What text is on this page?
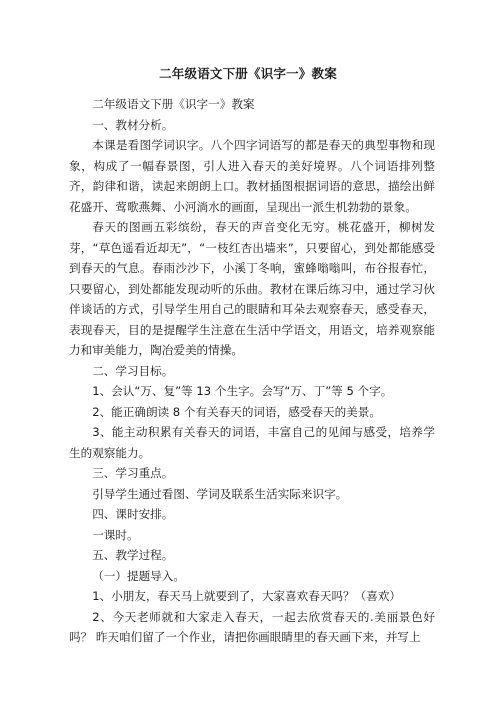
二年级语文下册《识字一》教案

二年级语文下册《识字一》教案

一、教材分析。

本课是看图学词识字。八个四字词语写的都是春天的典型事物和现象，构成了一幅春景图，引人进入春天的美好境界。八个词语排列整齐，韵律和谐，读起来朗朗上口。教材插图根据词语的意思，描绘出鲜花盛开、莺歌燕舞、小河淌水的画面，呈现出一派生机勃勃的景象。

春天的图画五彩缤纷，春天的声音变化无穷。桃花盛开，柳树发芽，“草色遥看近却无”，“一枝红杏出墙来”，只要留心，到处都能感受到春天的气息。春雨沙沙下，小溪丁冬响，蜜蜂嗡嗡叫，布谷报春忙，只要留心，到处都能发现动听的乐曲。教材在课后练习中，通过学习伙伴谈话的方式，引导学生用自己的眼睛和耳朵去观察春天，感受春天，表现春天，目的是提醒学生注意在生活中学语文，用语文，培养观察能力和审美能力，陶冶爱美的情操。

二、学习目标。

1、会认“万、复”等 13 个生字。会写“万、丁”等 5 个字。

2、能正确朗读 8 个有关春天的词语，感受春天的美景。

3、能主动积累有关春天的词语，丰富自己的见闻与感受，培养学生的观察能力。

三、学习重点。

引导学生通过看图、学词及联系生活实际来识字。

四、课时安排。

一课时。

五、教学过程。

（一）提题导入。

1、小朋友，春天马上就要到了，大家喜欢春天吗？（喜欢）

2、今天老师就和大家走入春天，一起去欣赏春天的.美丽景色好吗？ 昨天咱们留了一个作业，请把你画眼睛里的春天画下来，并写上
